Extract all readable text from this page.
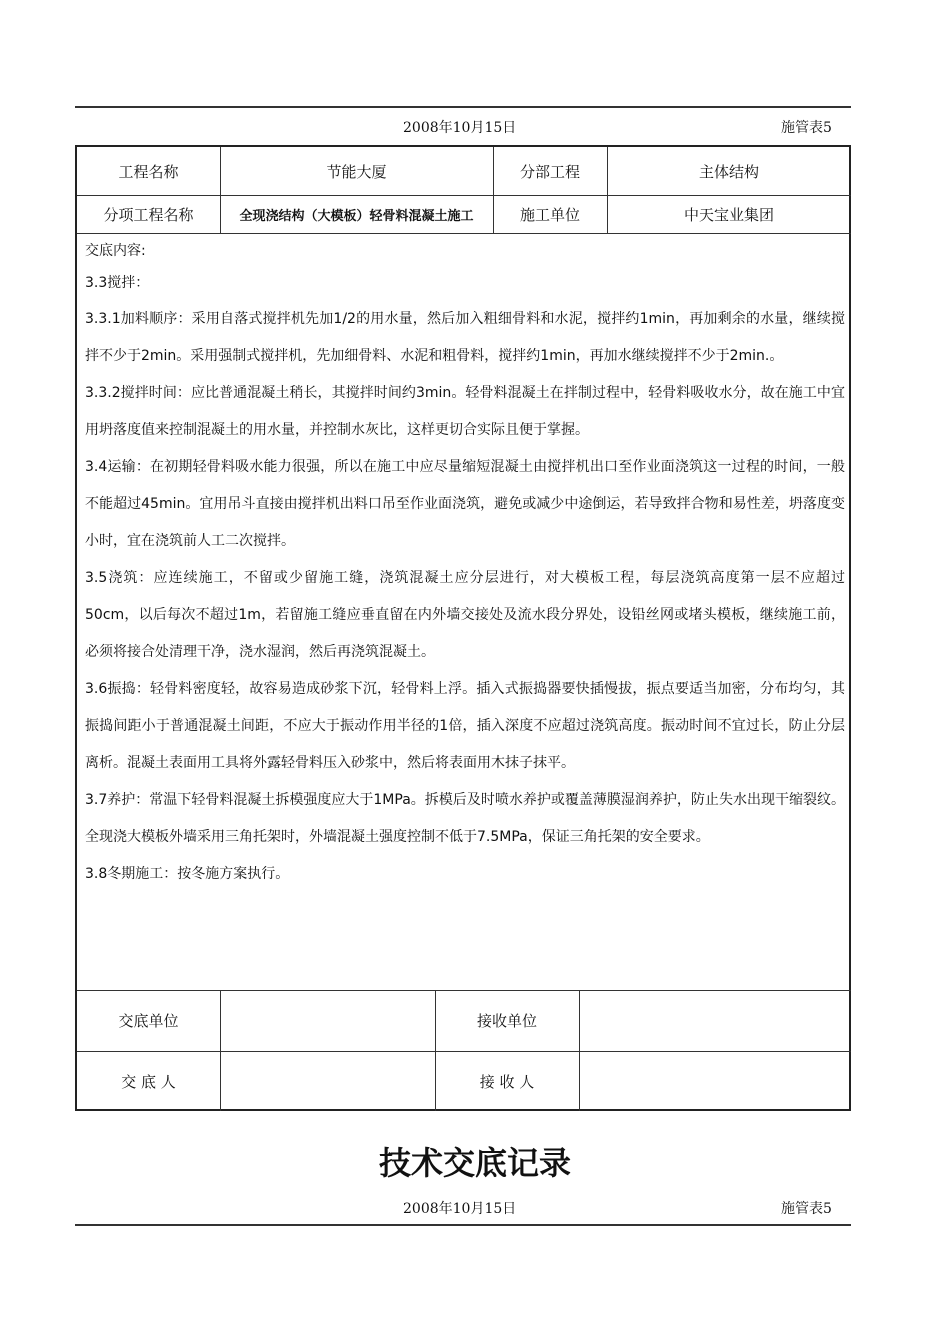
2008年10月15日	施管表5
工程名称	节能大厦	分部工程	主体结构
分项工程名称	全现浇结构（大模板）轻骨料混凝土施工	施工单位	中天宝业集团

交底内容:

3.3搅拌：

3.3.1加料顺序：采用自落式搅拌机先加1/2的用水量，然后加入粗细骨料和水泥，搅拌约1min，再加剩余的水量，继续搅拌不少于2min。采用强制式搅拌机，先加细骨料、水泥和粗骨料，搅拌约1min，再加水继续搅拌不少于2min.。

3.3.2搅拌时间：应比普通混凝土稍长，其搅拌时间约3min。轻骨料混凝土在拌制过程中，轻骨料吸收水分，故在施工中宜用坍落度值来控制混凝土的用水量，并控制水灰比，这样更切合实际且便于掌握。

3.4运输：在初期轻骨料吸水能力很强，所以在施工中应尽量缩短混凝土由搅拌机出口至作业面浇筑这一过程的时间，一般不能超过45min。宜用吊斗直接由搅拌机出料口吊至作业面浇筑，避免或减少中途倒运，若导致拌合物和易性差，坍落度变小时，宜在浇筑前人工二次搅拌。

3.5浇筑：应连续施工，不留或少留施工缝，浇筑混凝土应分层进行，对大模板工程，每层浇筑高度第一层不应超过50cm，以后每次不超过1m，若留施工缝应垂直留在内外墙交接处及流水段分界处，设铅丝网或堵头模板，继续施工前，必须将接合处清理干净，浇水湿润，然后再浇筑混凝土。

3.6振捣：轻骨料密度轻，故容易造成砂浆下沉，轻骨料上浮。插入式振捣器要快插慢拔，振点要适当加密，分布均匀，其振捣间距小于普通混凝土间距，不应大于振动作用半径的1倍，插入深度不应超过浇筑高度。振动时间不宜过长，防止分层离析。混凝土表面用工具将外露轻骨料压入砂浆中，然后将表面用木抹子抹平。

3.7养护：常温下轻骨料混凝土拆模强度应大于1MPa。拆模后及时喷水养护或覆盖薄膜湿润养护，防止失水出现干缩裂纹。全现浇大模板外墙采用三角托架时，外墙混凝土强度控制不低于7.5MPa，保证三角托架的安全要求。

3.8冬期施工：按冬施方案执行。

交底单位	接收单位
交 底 人	接 收 人
技术交底记录
2008年10月15日	施管表5
